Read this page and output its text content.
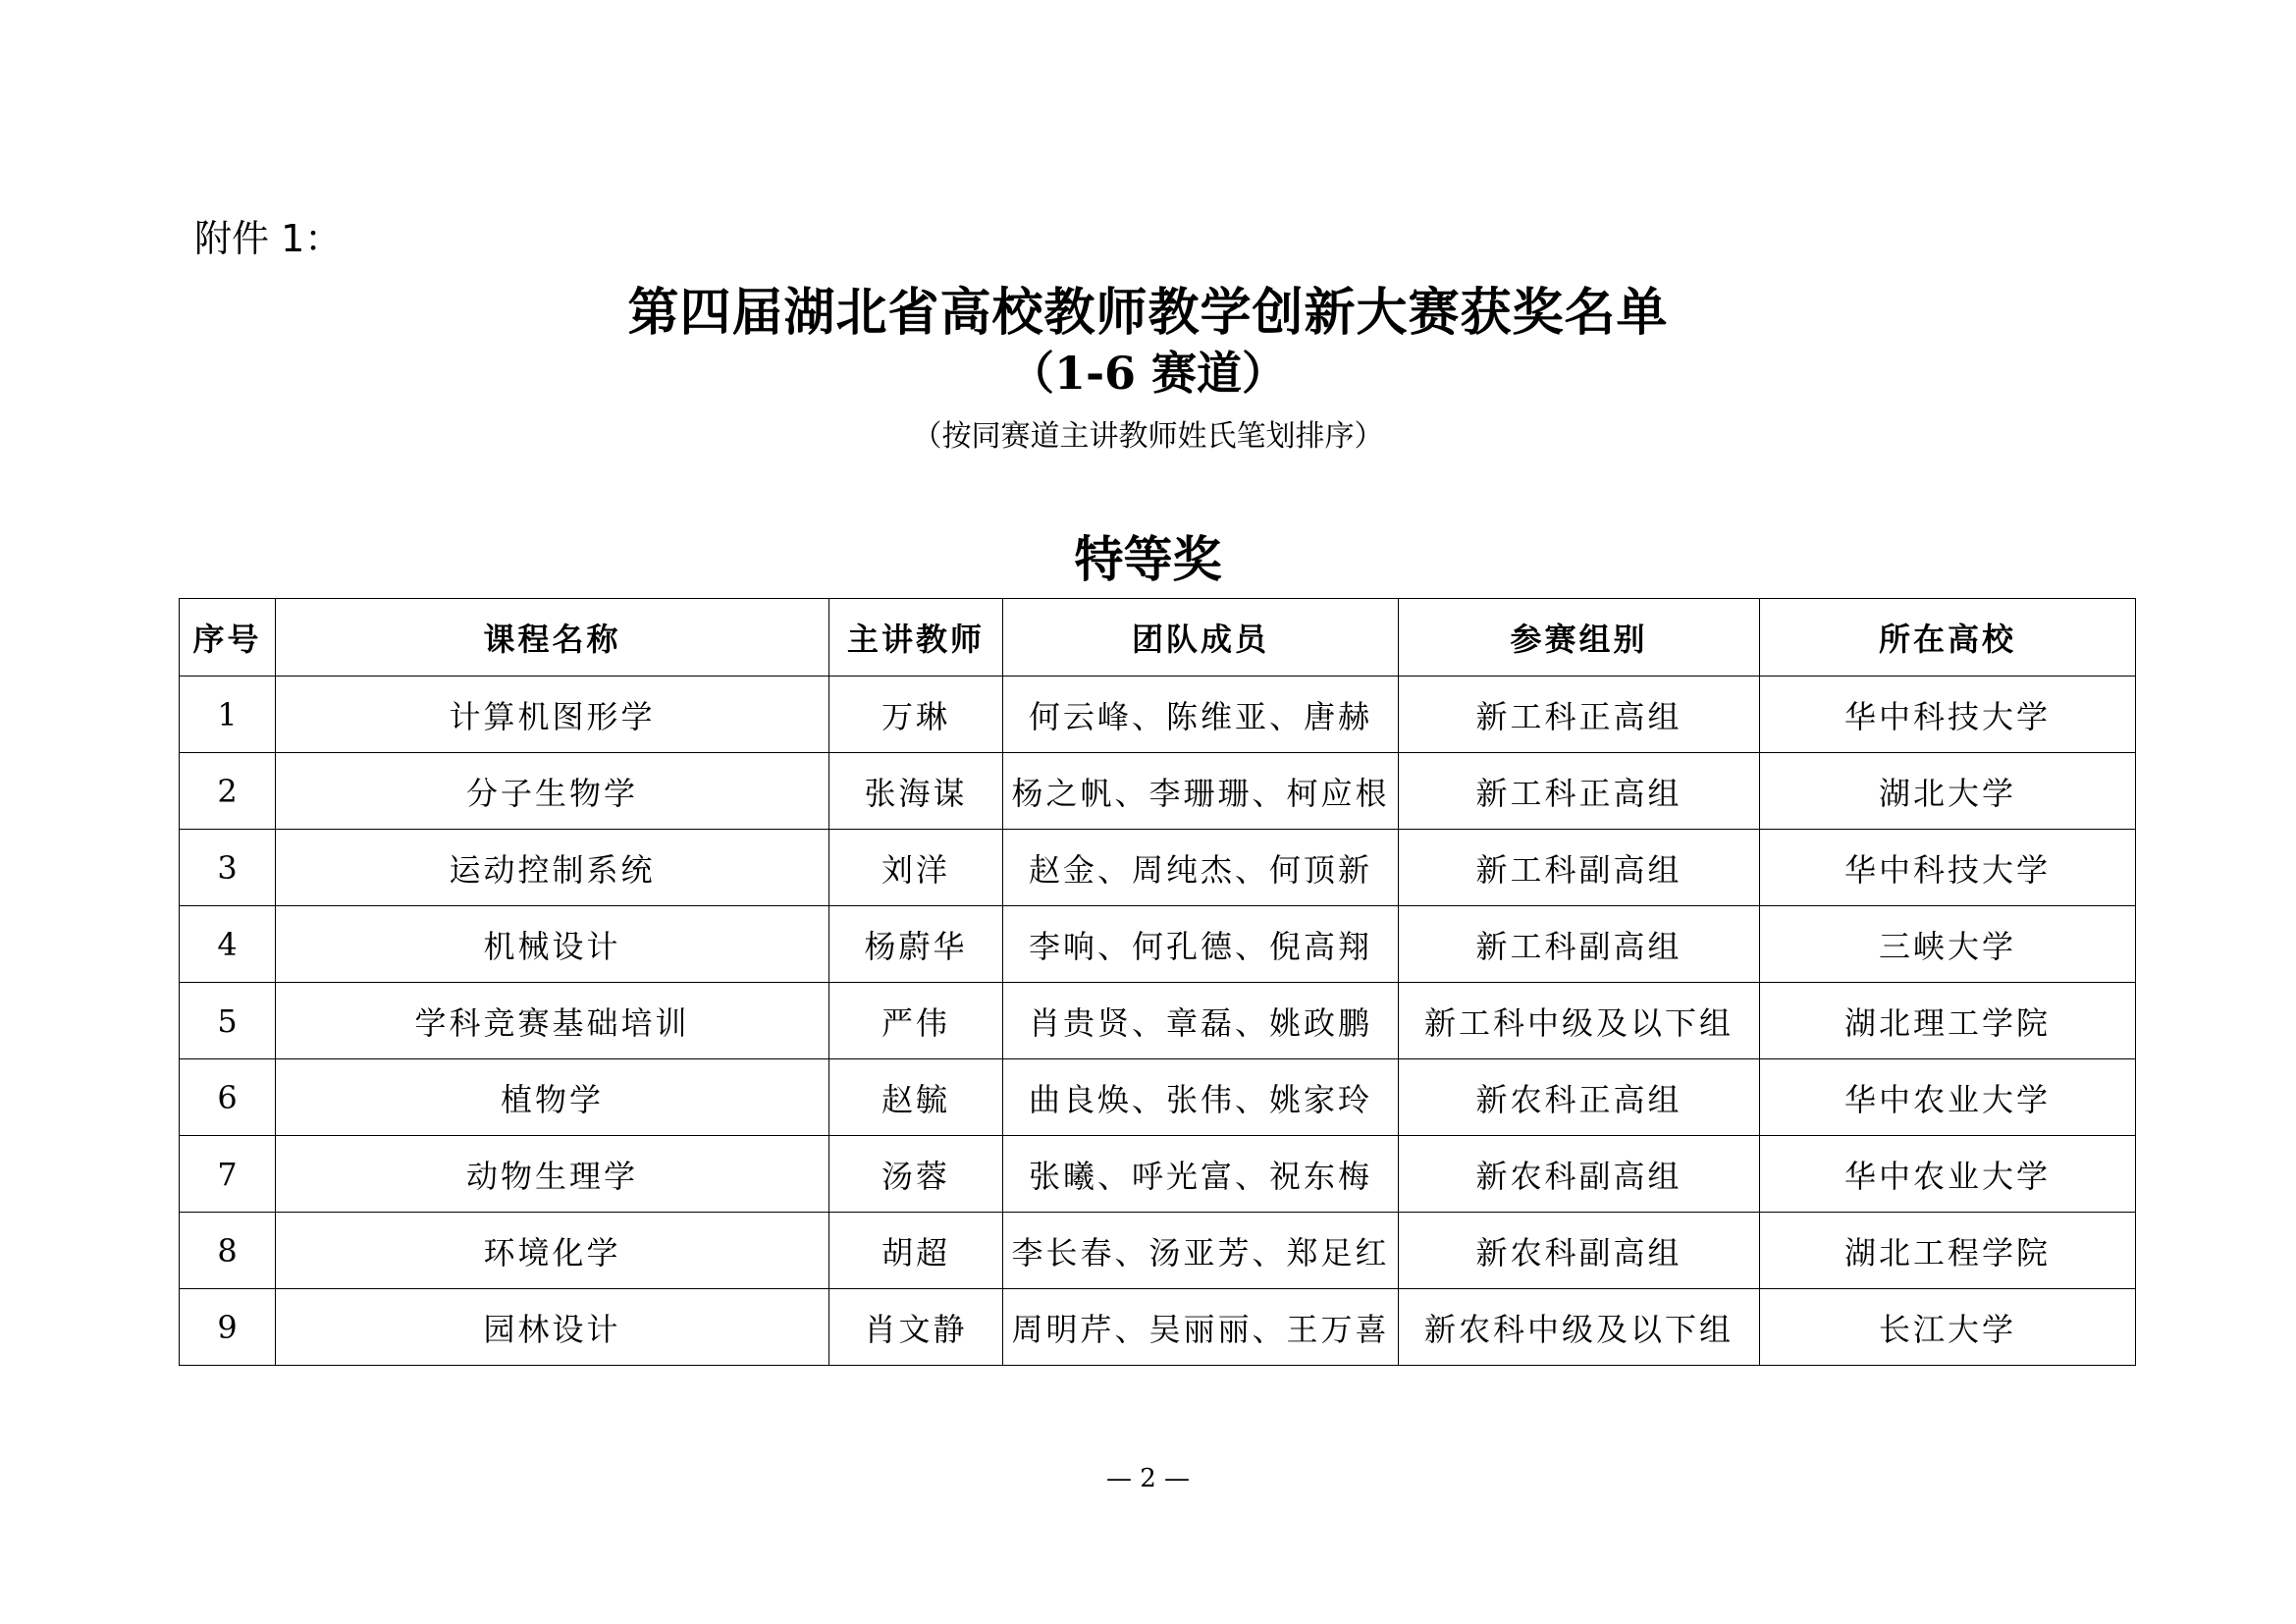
附件 1：
第四届湖北省高校教师教学创新大赛获奖名单
（1-6 赛道）
（按同赛道主讲教师姓氏笔划排序）
特等奖
序号	课程名称	主讲教师	团队成员	参赛组别	所在高校
1	计算机图形学	万琳	何云峰、陈维亚、唐赫	新工科正高组	华中科技大学
2	分子生物学	张海谋	杨之帆、李珊珊、柯应根	新工科正高组	湖北大学
3	运动控制系统	刘洋	赵金、周纯杰、何顶新	新工科副高组	华中科技大学
4	机械设计	杨蔚华	李响、何孔德、倪高翔	新工科副高组	三峡大学
5	学科竞赛基础培训	严伟	肖贵贤、章磊、姚政鹏	新工科中级及以下组	湖北理工学院
6	植物学	赵毓	曲良焕、张伟、姚家玲	新农科正高组	华中农业大学
7	动物生理学	汤蓉	张曦、呼光富、祝东梅	新农科副高组	华中农业大学
8	环境化学	胡超	李长春、汤亚芳、郑足红	新农科副高组	湖北工程学院
9	园林设计	肖文静	周明芹、吴丽丽、王万喜	新农科中级及以下组	长江大学
— 2 —
